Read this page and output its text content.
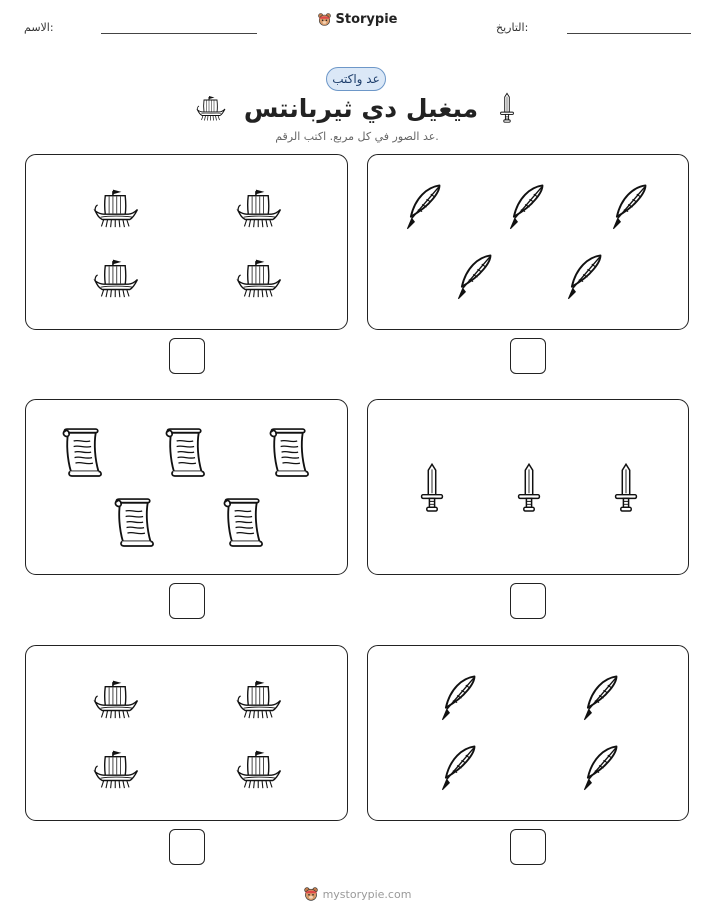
الاسم:
Storypie
التاريخ:
عد واكتب
ميغيل دي ثيربانتس
عد الصور في كل مربع. اكتب الرقم.
mystorypie.com
